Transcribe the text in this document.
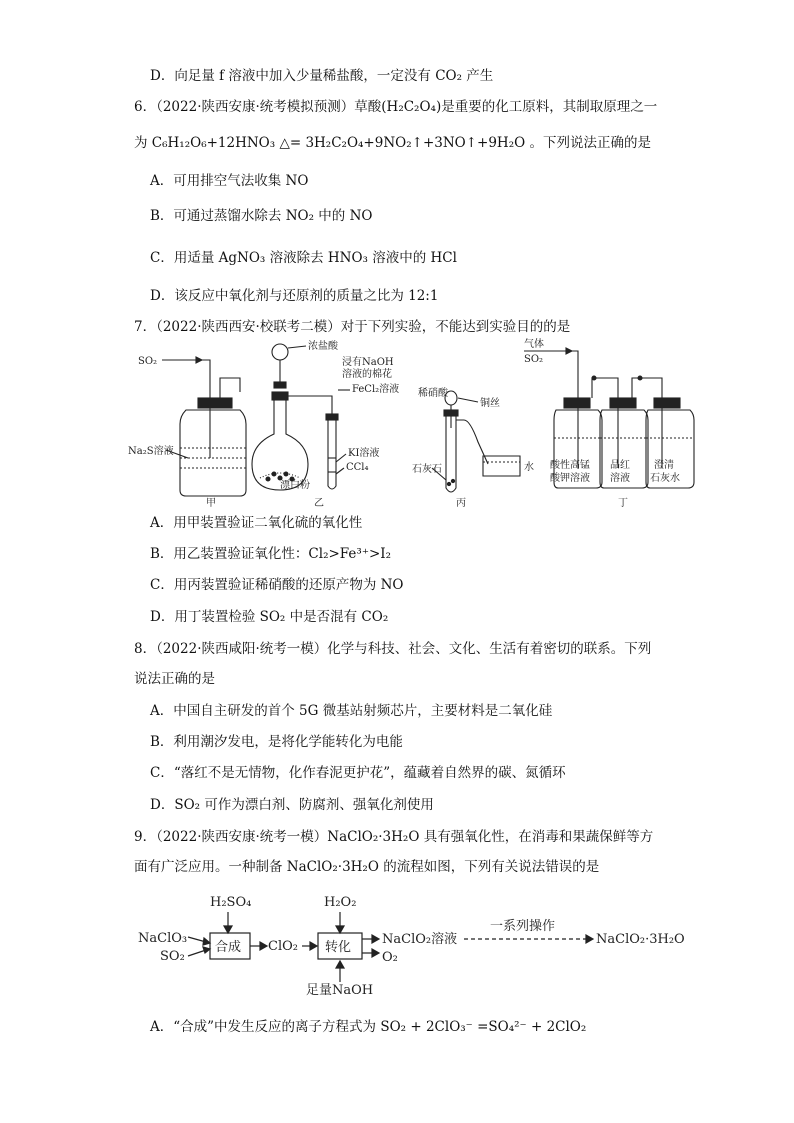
D．向足量 f 溶液中加入少量稀盐酸，一定没有 CO₂ 产生
6．（2022·陕西安康·统考模拟预测）草酸(H₂C₂O₄)是重要的化工原料，其制取原理之一
为 C₆H₁₂O₆+12HNO₃ △= 3H₂C₂O₄+9NO₂↑+3NO↑+9H₂O 。下列说法正确的是
A．可用排空气法收集 NO
B．可通过蒸馏水除去 NO₂ 中的 NO
C．用适量 AgNO₃ 溶液除去 HNO₃ 溶液中的 HCl
D．该反应中氧化剂与还原剂的质量之比为 12:1
7．（2022·陕西西安·校联考二模）对于下列实验，不能达到实验目的的是
SO₂
Na₂S溶液
甲
浓盐酸
浸有NaOH
溶液的棉花
FeCl₂溶液
KI溶液
CCl₄
漂白粉
乙
稀硝酸
铜丝
水
石灰石
丙
气体
SO₂
酸性高锰
酸钾溶液
品红
溶液
澄清
石灰水
丁
A．用甲装置验证二氧化硫的氧化性
B．用乙装置验证氧化性：Cl₂>Fe³⁺>I₂
C．用丙装置验证稀硝酸的还原产物为 NO
D．用丁装置检验 SO₂ 中是否混有 CO₂
8．（2022·陕西咸阳·统考一模）化学与科技、社会、文化、生活有着密切的联系。下列
说法正确的是
A．中国自主研发的首个 5G 微基站射频芯片，主要材料是二氧化硅
B．利用潮汐发电，是将化学能转化为电能
C．“落红不是无情物，化作春泥更护花”，蕴藏着自然界的碳、氮循环
D．SO₂ 可作为漂白剂、防腐剂、强氧化剂使用
9．（2022·陕西安康·统考一模）NaClO₂·3H₂O 具有强氧化性，在消毒和果蔬保鲜等方
面有广泛应用。一种制备 NaClO₂·3H₂O 的流程如图，下列有关说法错误的是
NaClO₃
SO₂
H₂SO₄
合成 ClO₂
H₂O₂
转化
足量NaOH
NaClO₂溶液
O₂
一系列操作
NaClO₂·3H₂O
A．“合成”中发生反应的离子方程式为 SO₂ + 2ClO₃⁻ =SO₄²⁻ + 2ClO₂
